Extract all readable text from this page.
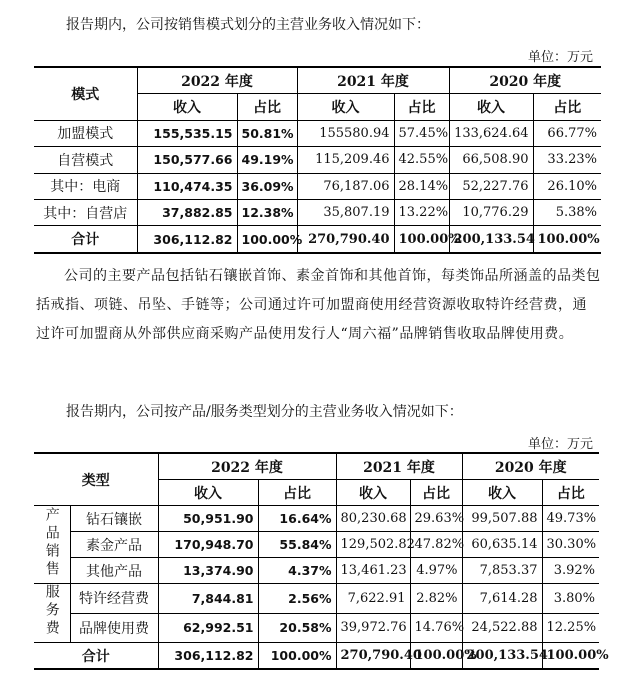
报告期内，公司按销售模式划分的主营业务收入情况如下：

单位：万元
模式	2022 年度		2021 年度		2020 年度	
	收入	占比	收入	占比	收入	占比
加盟模式	155,535.15	50.81%	155580.94	57.45%	133,624.64	66.77%
自营模式	150,577.66	49.19%	115,209.46	42.55%	66,508.90	33.23%
其中：电商	110,474.35	36.09%	76,187.06	28.14%	52,227.76	26.10%
其中：自营店	37,882.85	12.38%	35,807.19	13.22%	10,776.29	5.38%
合计	306,112.82	100.00%	270,790.40	100.00%	200,133.54	100.00%

公司的主要产品包括钻石镶嵌首饰、素金首饰和其他首饰，每类饰品所涵盖的品类包括戒指、项链、吊坠、手链等；公司通过许可加盟商使用经营资源收取特许经营费，通过许可加盟商从外部供应商采购产品使用发行人“周六福”品牌销售收取品牌使用费。

报告期内，公司按产品/服务类型划分的主营业务收入情况如下：

单位：万元
类型		2022 年度		2021 年度		2020 年度	
		收入	占比	收入	占比	收入	占比
产品销售	钻石镶嵌	50,951.90	16.64%	80,230.68	29.63%	99,507.88	49.73%
	素金产品	170,948.70	55.84%	129,502.82	47.82%	60,635.14	30.30%
	其他产品	13,374.90	4.37%	13,461.23	4.97%	7,853.37	3.92%
服务费	特许经营费	7,844.81	2.56%	7,622.91	2.82%	7,614.28	3.80%
	品牌使用费	62,992.51	20.58%	39,972.76	14.76%	24,522.88	12.25%
合计		306,112.82	100.00%	270,790.40	100.00%	200,133.54	100.00%
